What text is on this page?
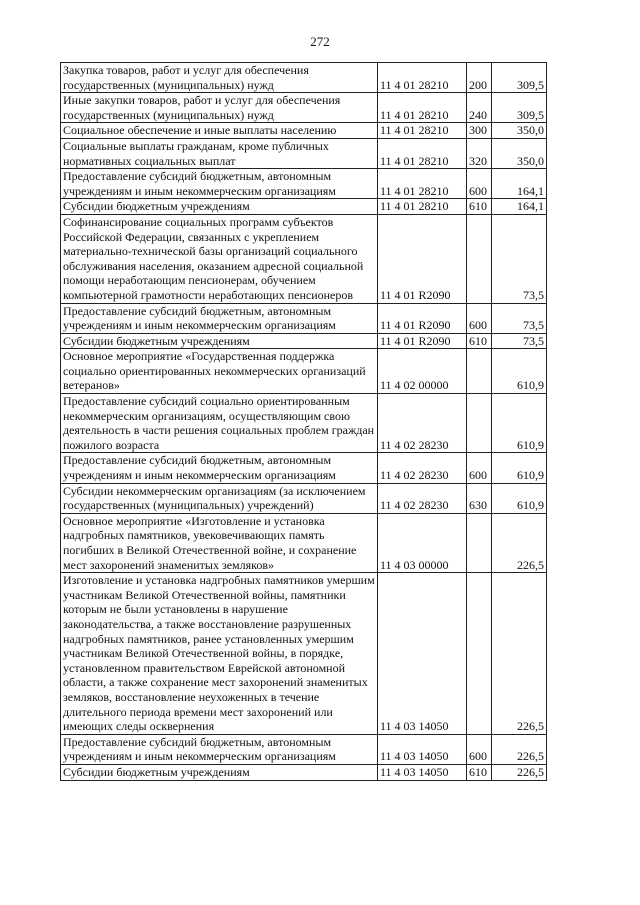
272
Закупка товаров, работ и услуг для обеспечения государственных (муниципальных) нужд	11 4 01 28210	200	309,5
Иные закупки товаров, работ и услуг для обеспечения государственных (муниципальных) нужд	11 4 01 28210	240	309,5
Социальное обеспечение и иные выплаты населению	11 4 01 28210	300	350,0
Социальные выплаты гражданам, кроме публичных нормативных социальных выплат	11 4 01 28210	320	350,0
Предоставление субсидий бюджетным, автономным учреждениям и иным некоммерческим организациям	11 4 01 28210	600	164,1
Субсидии бюджетным учреждениям	11 4 01 28210	610	164,1
Софинансирование социальных программ субъектов Российской Федерации, связанных с укреплением материально-технической базы организаций социального обслуживания населения, оказанием адресной социальной помощи неработающим пенсионерам, обучением компьютерной грамотности неработающих пенсионеров	11 4 01 R2090		73,5
Предоставление субсидий бюджетным, автономным учреждениям и иным некоммерческим организациям	11 4 01 R2090	600	73,5
Субсидии бюджетным учреждениям	11 4 01 R2090	610	73,5
Основное мероприятие «Государственная поддержка социально ориентированных некоммерческих организаций ветеранов»	11 4 02 00000		610,9
Предоставление субсидий социально ориентированным некоммерческим организациям, осуществляющим свою деятельность в части решения социальных проблем граждан пожилого возраста	11 4 02 28230		610,9
Предоставление субсидий бюджетным, автономным учреждениям и иным некоммерческим организациям	11 4 02 28230	600	610,9
Субсидии некоммерческим организациям (за исключением государственных (муниципальных) учреждений)	11 4 02 28230	630	610,9
Основное мероприятие «Изготовление и установка надгробных памятников, увековечивающих память погибших в Великой Отечественной войне, и сохранение мест захоронений знаменитых земляков»	11 4 03 00000		226,5
Изготовление и установка надгробных памятников умершим участникам Великой Отечественной войны, памятники которым не были установлены в нарушение законодательства, а также восстановление разрушенных надгробных памятников, ранее установленных умершим участникам Великой Отечественной войны, в порядке, установленном правительством Еврейской автономной области, а также сохранение мест захоронений знаменитых земляков, восстановление неухоженных в течение длительного периода времени мест захоронений или имеющих следы осквернения	11 4 03 14050		226,5
Предоставление субсидий бюджетным, автономным учреждениям и иным некоммерческим организациям	11 4 03 14050	600	226,5
Субсидии бюджетным учреждениям	11 4 03 14050	610	226,5
